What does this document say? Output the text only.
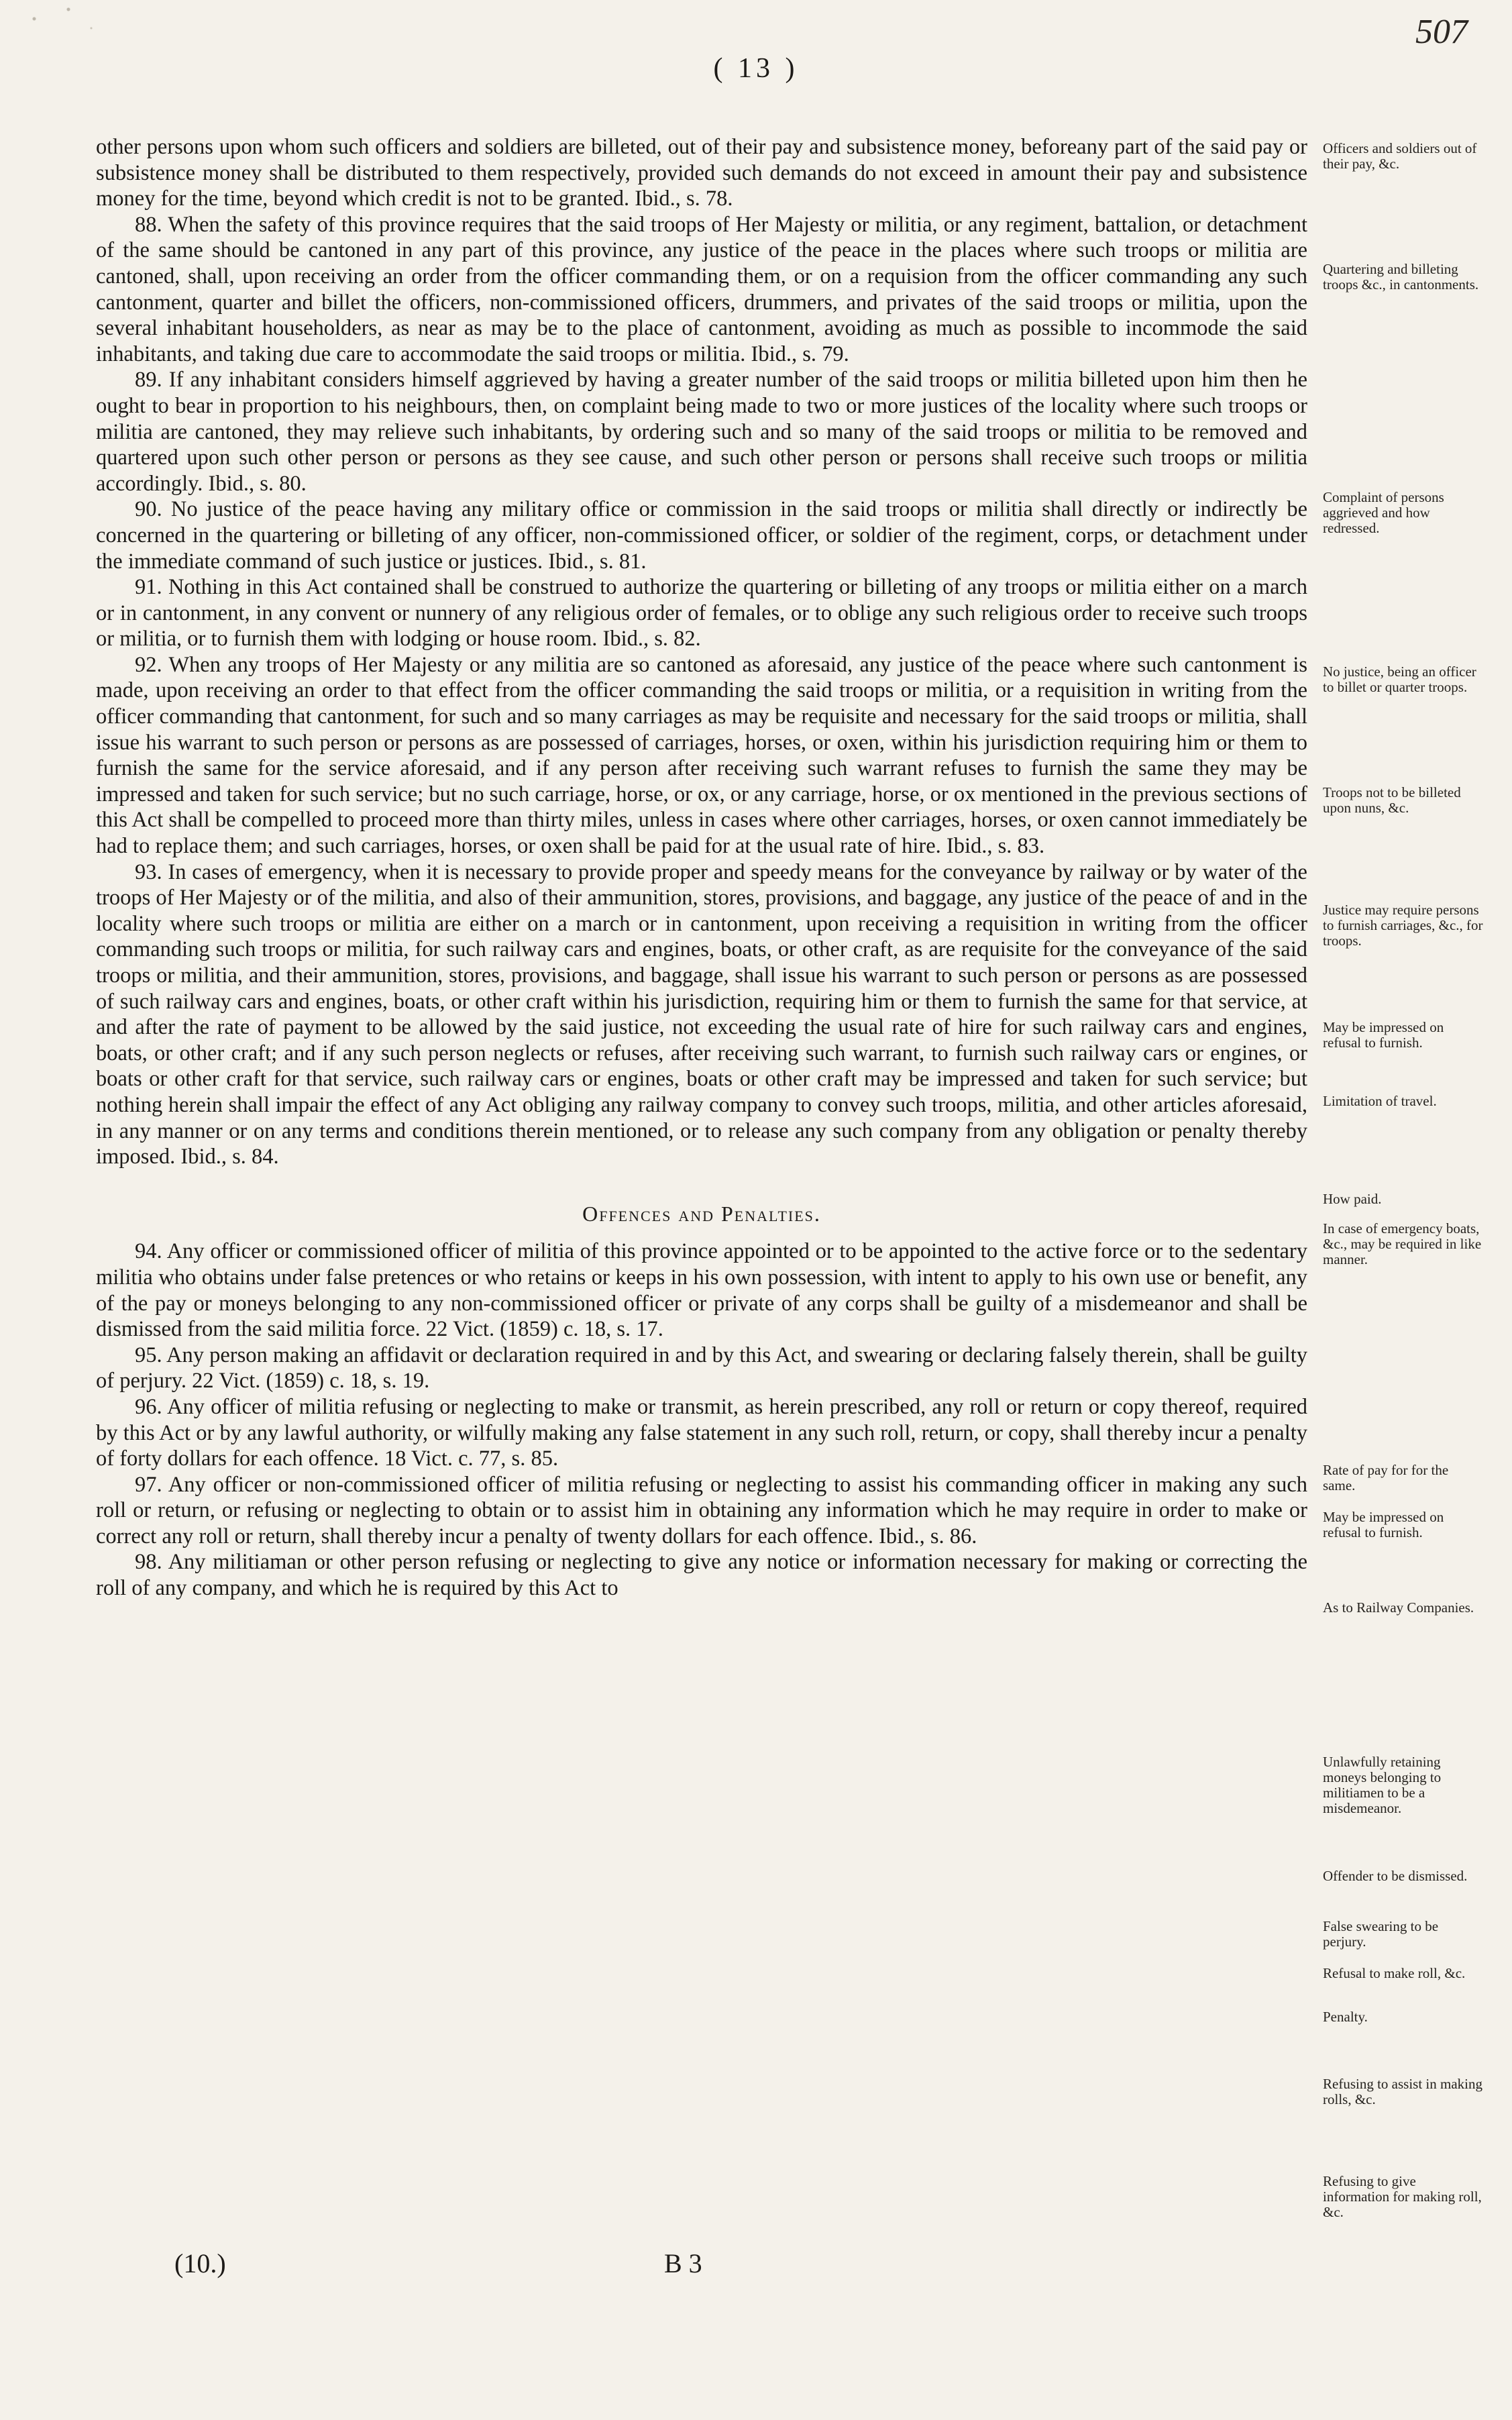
507
( 13 )

other persons upon whom such officers and soldiers are billeted, out of their pay and subsistence money, beforeany part of the said pay or subsistence money shall be distributed to them respectively, provided such demands do not exceed in amount their pay and subsistence money for the time, beyond which credit is not to be granted. Ibid., s. 78.

88. When the safety of this province requires that the said troops of Her Majesty or militia, or any regiment, battalion, or detachment of the same should be cantoned in any part of this province, any justice of the peace in the places where such troops or militia are cantoned, shall, upon receiving an order from the officer commanding them, or on a requision from the officer commanding any such cantonment, quarter and billet the officers, non-commissioned officers, drummers, and privates of the said troops or militia, upon the several inhabitant householders, as near as may be to the place of cantonment, avoiding as much as possible to incommode the said inhabitants, and taking due care to accommodate the said troops or militia. Ibid., s. 79.

89. If any inhabitant considers himself aggrieved by having a greater number of the said troops or militia billeted upon him then he ought to bear in proportion to his neighbours, then, on complaint being made to two or more justices of the locality where such troops or militia are cantoned, they may relieve such inhabitants, by ordering such and so many of the said troops or militia to be removed and quartered upon such other person or persons as they see cause, and such other person or persons shall receive such troops or militia accordingly. Ibid., s. 80.

90. No justice of the peace having any military office or commission in the said troops or militia shall directly or indirectly be concerned in the quartering or billeting of any officer, non-commissioned officer, or soldier of the regiment, corps, or detachment under the immediate command of such justice or justices. Ibid., s. 81.

91. Nothing in this Act contained shall be construed to authorize the quartering or billeting of any troops or militia either on a march or in cantonment, in any convent or nunnery of any religious order of females, or to oblige any such religious order to receive such troops or militia, or to furnish them with lodging or house room. Ibid., s. 82.

92. When any troops of Her Majesty or any militia are so cantoned as aforesaid, any justice of the peace where such cantonment is made, upon receiving an order to that effect from the officer commanding the said troops or militia, or a requisition in writing from the officer commanding that cantonment, for such and so many carriages as may be requisite and necessary for the said troops or militia, shall issue his warrant to such person or persons as are possessed of carriages, horses, or oxen, within his jurisdiction requiring him or them to furnish the same for the service aforesaid, and if any person after receiving such warrant refuses to furnish the same they may be impressed and taken for such service; but no such carriage, horse, or ox, or any carriage, horse, or ox mentioned in the previous sections of this Act shall be compelled to proceed more than thirty miles, unless in cases where other carriages, horses, or oxen cannot immediately be had to replace them; and such carriages, horses, or oxen shall be paid for at the usual rate of hire. Ibid., s. 83.

93. In cases of emergency, when it is necessary to provide proper and speedy means for the conveyance by railway or by water of the troops of Her Majesty or of the militia, and also of their ammunition, stores, provisions, and baggage, any justice of the peace of and in the locality where such troops or militia are either on a march or in cantonment, upon receiving a requisition in writing from the officer commanding such troops or militia, for such railway cars and engines, boats, or other craft, as are requisite for the conveyance of the said troops or militia, and their ammunition, stores, provisions, and baggage, shall issue his warrant to such person or persons as are possessed of such railway cars and engines, boats, or other craft within his jurisdiction, requiring him or them to furnish the same for that service, at and after the rate of payment to be allowed by the said justice, not exceeding the usual rate of hire for such railway cars and engines, boats, or other craft; and if any such person neglects or refuses, after receiving such warrant, to furnish such railway cars or engines, or boats or other craft for that service, such railway cars or engines, boats or other craft may be impressed and taken for such service; but nothing herein shall impair the effect of any Act obliging any railway company to convey such troops, militia, and other articles aforesaid, in any manner or on any terms and conditions therein mentioned, or to release any such company from any obligation or penalty thereby imposed. Ibid., s. 84.

Offences and Penalties.

94. Any officer or commissioned officer of militia of this province appointed or to be appointed to the active force or to the sedentary militia who obtains under false pretences or who retains or keeps in his own possession, with intent to apply to his own use or benefit, any of the pay or moneys belonging to any non-commissioned officer or private of any corps shall be guilty of a misdemeanor and shall be dismissed from the said militia force. 22 Vict. (1859) c. 18, s. 17.

95. Any person making an affidavit or declaration required in and by this Act, and swearing or declaring falsely therein, shall be guilty of perjury. 22 Vict. (1859) c. 18, s. 19.

96. Any officer of militia refusing or neglecting to make or transmit, as herein prescribed, any roll or return or copy thereof, required by this Act or by any lawful authority, or wilfully making any false statement in any such roll, return, or copy, shall thereby incur a penalty of forty dollars for each offence. 18 Vict. c. 77, s. 85.

97. Any officer or non-commissioned officer of militia refusing or neglecting to assist his commanding officer in making any such roll or return, or refusing or neglecting to obtain or to assist him in obtaining any information which he may require in order to make or correct any roll or return, shall thereby incur a penalty of twenty dollars for each offence. Ibid., s. 86.

98. Any militiaman or other person refusing or neglecting to give any notice or information necessary for making or correcting the roll of any company, and which he is required by this Act to

Officers and soldiers out of their pay, &c.
Quartering and billeting troops &c., in cantonments.
Complaint of persons aggrieved and how redressed.
No justice, being an officer to billet or quarter troops.
Troops not to be billeted upon nuns, &c.
Justice may require persons to furnish carriages, &c., for troops.
May be impressed on refusal to furnish.
Limitation of travel.
How paid.
In case of emergency boats, &c., may be required in like manner.
Rate of pay for for the same.
May be impressed on refusal to furnish.
As to Railway Companies.
Unlawfully retaining moneys belonging to militiamen to be a misdemeanor.
Offender to be dismissed.
False swearing to be perjury.
Refusal to make roll, &c.
Penalty.
Refusing to assist in making rolls, &c.
Refusing to give information for making roll, &c.
(10.)	B 3
